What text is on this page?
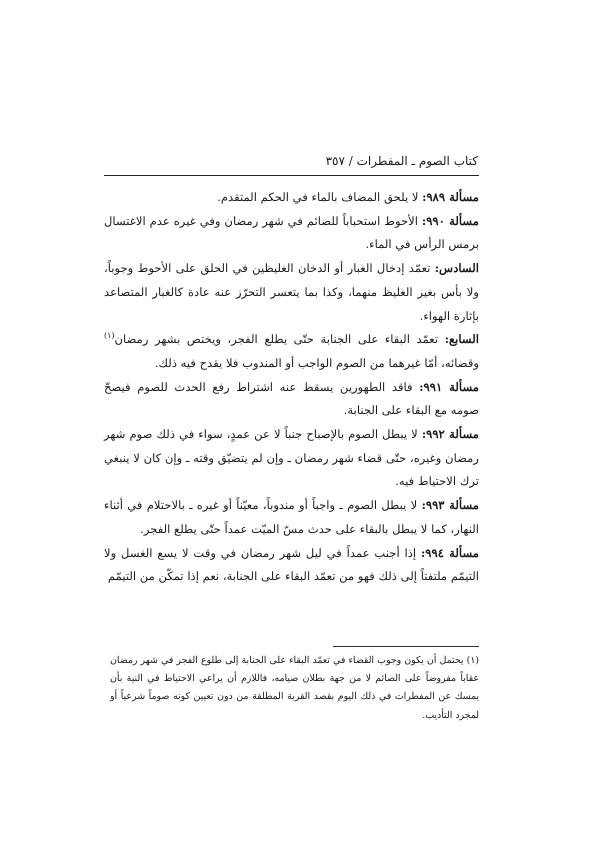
كتاب الصوم ـ المفطرات / ٣٥٧

مسألة ٩٨٩: لا يلحق المضاف بالماء في الحكم المتقدم.

مسألة ٩٩٠: الأحوط استحباباً للصائم في شهر رمضان وفي غيره عدم الاغتسال برمس الرأس في الماء.

السادس: تعمّد إدخال الغبار أو الدخان الغليظين في الحلق على الأحوط وجوباً، ولا بأس بغير الغليظ منهما، وكذا بما يتعسر التحرّز عنه عادة كالغبار المتصاعد بإثارة الهواء.

السابع: تعمّد البقاء على الجنابة حتّى يطلع الفجر، ويختص بشهر رمضان$^{(١)}$ وقضائه، أمّا غيرهما من الصوم الواجب أو المندوب فلا يقدح فيه ذلك.

مسألة ٩٩١: فاقد الطهورين يسقط عنه اشتراط رفع الحدث للصوم فيصحّ صومه مع البقاء على الجنابة.

مسألة ٩٩٢: لا يبطل الصوم بالإصباح جنباً لا عن عمدٍ، سواء في ذلك صوم شهر رمضان وغيره، حتّى قضاء شهر رمضان ـ وإن لم يتضيّق وقته ـ وإن كان لا ينبغي ترك الاحتياط فيه.

مسألة ٩٩٣: لا يبطل الصوم ـ واجباً أو مندوباً، معيّناً أو غيره ـ بالاحتلام في أثناء النهار، كما لا يبطل بالبقاء على حدث مسّ الميّت عمداً حتّى يطلع الفجر.

مسألة ٩٩٤: إذا أجنب عمداً في ليل شهر رمضان في وقت لا يسع الغسل ولا التيمّم ملتفتاً إلى ذلك فهو من تعمّد البقاء على الجنابة، نعم إذا تمكّن من التيمّم

(١) يحتمل أن يكون وجوب القضاء في تعمّد البقاء على الجنابة إلى طلوع الفجر في شهر رمضان عقاباً مفروضاً على الصائم لا من جهة بطلان صيامه، فاللازم أن يراعي الاحتياط في النية بأن يمسك عن المفطرات في ذلك اليوم بقصد القربة المطلقة من دون تعيين كونه صوماً شرعياً أو لمجرد التأديب.
